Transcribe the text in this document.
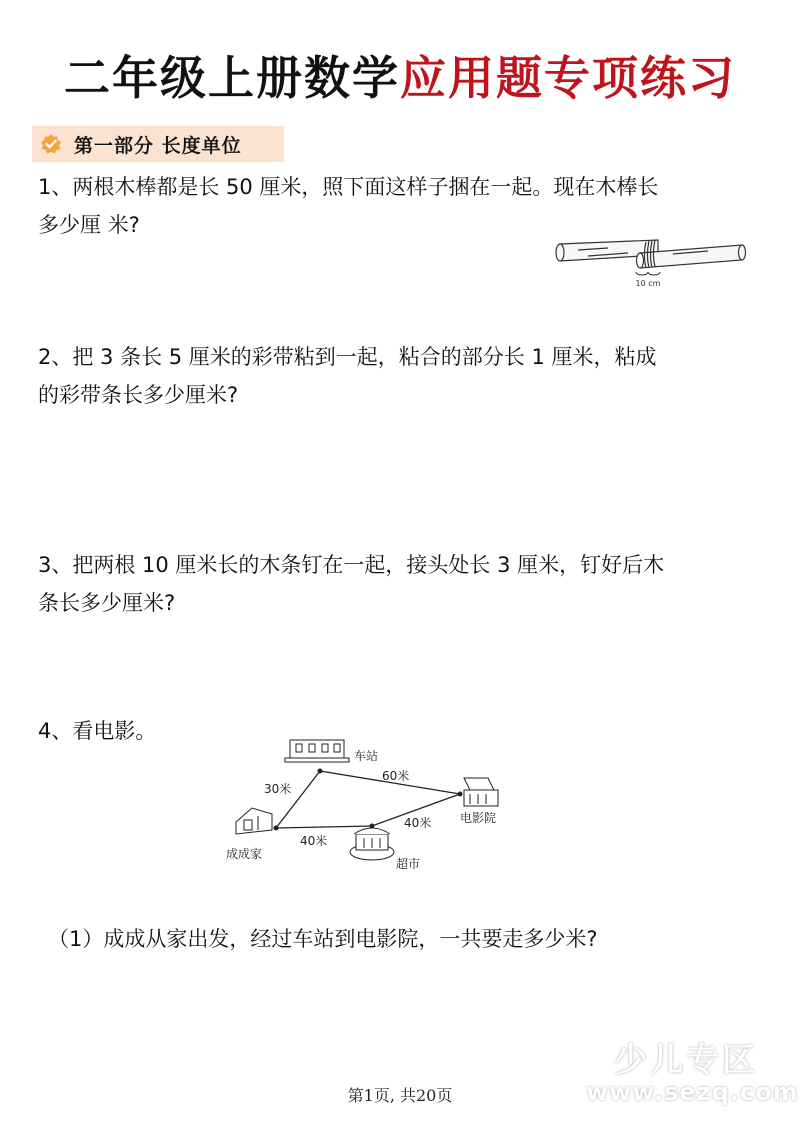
二年级上册数学应用题专项练习
第一部分 长度单位
1、两根木棒都是长 50 厘米，照下面这样子捆在一起。现在木棒长
多少厘 米?
10 cm
2、把 3 条长 5 厘米的彩带粘到一起，粘合的部分长 1 厘米，粘成
的彩带条长多少厘米?
3、把两根 10 厘米长的木条钉在一起，接头处长 3 厘米，钉好后木
条长多少厘米?
4、看电影。
车站
30米
60米
40米
40米 电影院
成成家
超市
（1）成成从家出发，经过车站到电影院，一共要走多少米?
少儿专区
www.sezq.com
第1页, 共20页
